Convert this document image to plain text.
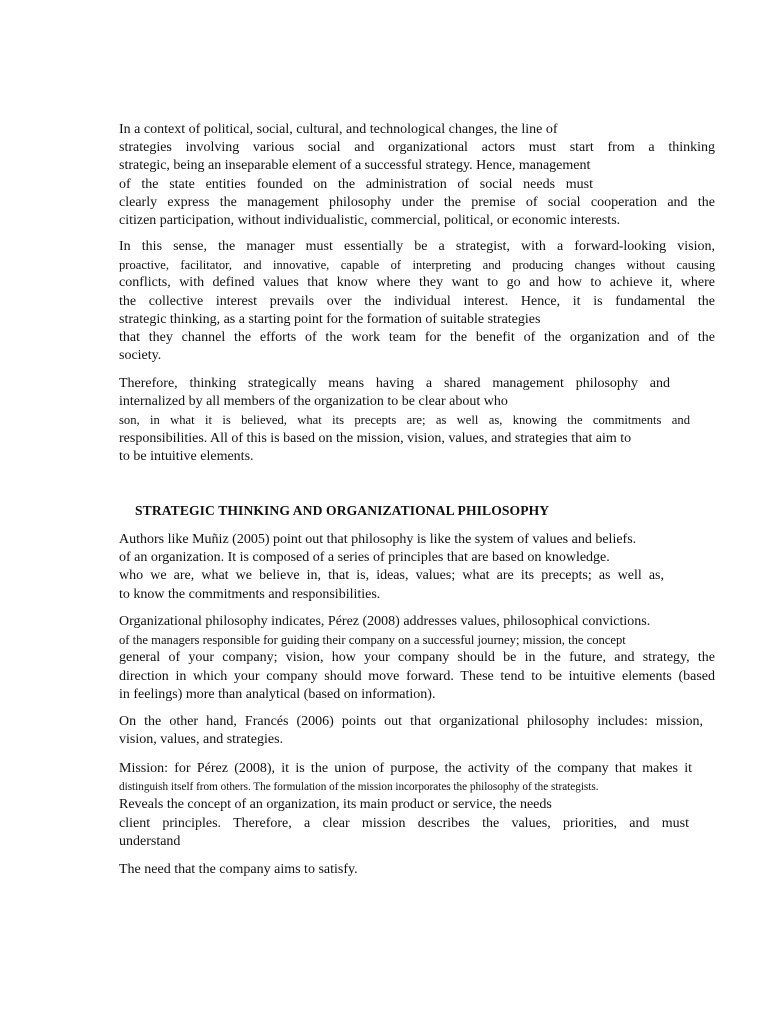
In a context of political, social, cultural, and technological changes, the line of
strategies involving various social and organizational actors must start from a thinking
strategic, being an inseparable element of a successful strategy. Hence, management
of the state entities founded on the administration of social needs must
clearly express the management philosophy under the premise of social cooperation and the
citizen participation, without individualistic, commercial, political, or economic interests.
In this sense, the manager must essentially be a strategist, with a forward-looking vision,
proactive, facilitator, and innovative, capable of interpreting and producing changes without causing
conflicts, with defined values that know where they want to go and how to achieve it, where
the collective interest prevails over the individual interest. Hence, it is fundamental the
strategic thinking, as a starting point for the formation of suitable strategies
that they channel the efforts of the work team for the benefit of the organization and of the
society.
Therefore, thinking strategically means having a shared management philosophy and
internalized by all members of the organization to be clear about who
son, in what it is believed, what its precepts are; as well as, knowing the commitments and
responsibilities. All of this is based on the mission, vision, values, and strategies that aim to
to be intuitive elements.
STRATEGIC THINKING AND ORGANIZATIONAL PHILOSOPHY
Authors like Muñiz (2005) point out that philosophy is like the system of values and beliefs.
of an organization. It is composed of a series of principles that are based on knowledge.
who we are, what we believe in, that is, ideas, values; what are its precepts; as well as,
to know the commitments and responsibilities.
Organizational philosophy indicates, Pérez (2008) addresses values, philosophical convictions.
of the managers responsible for guiding their company on a successful journey; mission, the concept
general of your company; vision, how your company should be in the future, and strategy, the
direction in which your company should move forward. These tend to be intuitive elements (based
in feelings) more than analytical (based on information).
On the other hand, Francés (2006) points out that organizational philosophy includes: mission,
vision, values, and strategies.
Mission: for Pérez (2008), it is the union of purpose, the activity of the company that makes it
distinguish itself from others. The formulation of the mission incorporates the philosophy of the strategists.
Reveals the concept of an organization, its main product or service, the needs
client principles. Therefore, a clear mission describes the values, priorities, and must
understand
The need that the company aims to satisfy.
